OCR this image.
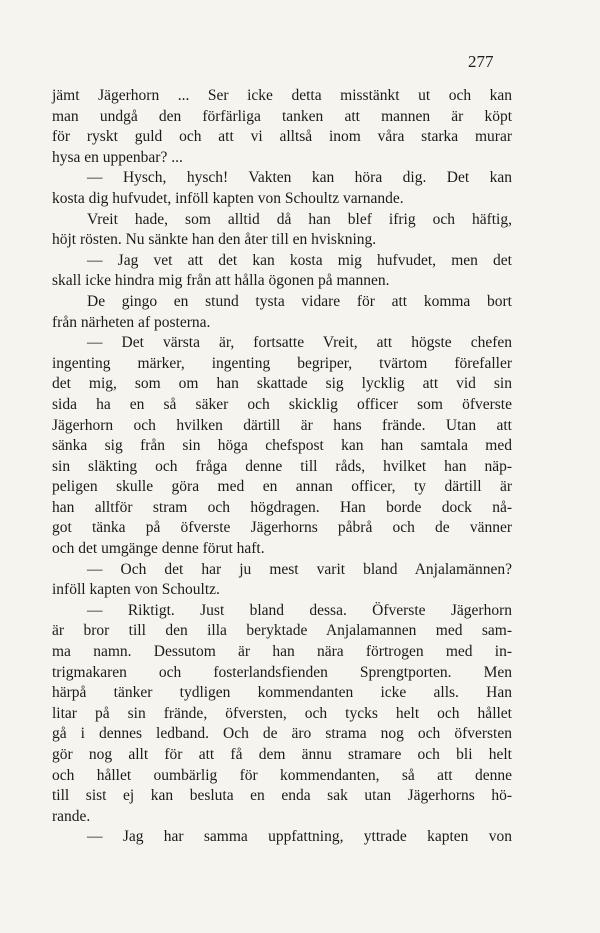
277
jämt Jägerhorn ... Ser icke detta misstänkt ut och kan
man undgå den förfärliga tanken att mannen är köpt
för ryskt guld och att vi alltså inom våra starka murar
hysa en uppenbar? ...
— Hysch, hysch! Vakten kan höra dig. Det kan
kosta dig hufvudet, inföll kapten von Schoultz varnande.
Vreit hade, som alltid då han blef ifrig och häftig,
höjt rösten. Nu sänkte han den åter till en hviskning.
— Jag vet att det kan kosta mig hufvudet, men det
skall icke hindra mig från att hålla ögonen på mannen.
De gingo en stund tysta vidare för att komma bort
från närheten af posterna.
— Det värsta är, fortsatte Vreit, att högste chefen
ingenting märker, ingenting begriper, tvärtom förefaller
det mig, som om han skattade sig lycklig att vid sin
sida ha en så säker och skicklig officer som öfverste
Jägerhorn och hvilken därtill är hans frände. Utan att
sänka sig från sin höga chefspost kan han samtala med
sin släkting och fråga denne till råds, hvilket han näp-
peligen skulle göra med en annan officer, ty därtill är
han alltför stram och högdragen. Han borde dock nå-
got tänka på öfverste Jägerhorns påbrå och de vänner
och det umgänge denne förut haft.
— Och det har ju mest varit bland Anjalamännen?
inföll kapten von Schoultz.
— Riktigt. Just bland dessa. Öfverste Jägerhorn
är bror till den illa beryktade Anjalamannen med sam-
ma namn. Dessutom är han nära förtrogen med in-
trigmakaren och fosterlandsfienden Sprengtporten. Men
härpå tänker tydligen kommendanten icke alls. Han
litar på sin frände, öfversten, och tycks helt och hållet
gå i dennes ledband. Och de äro strama nog och öfversten
gör nog allt för att få dem ännu stramare och bli helt
och hållet oumbärlig för kommendanten, så att denne
till sist ej kan besluta en enda sak utan Jägerhorns hö-
rande.
— Jag har samma uppfattning, yttrade kapten von
